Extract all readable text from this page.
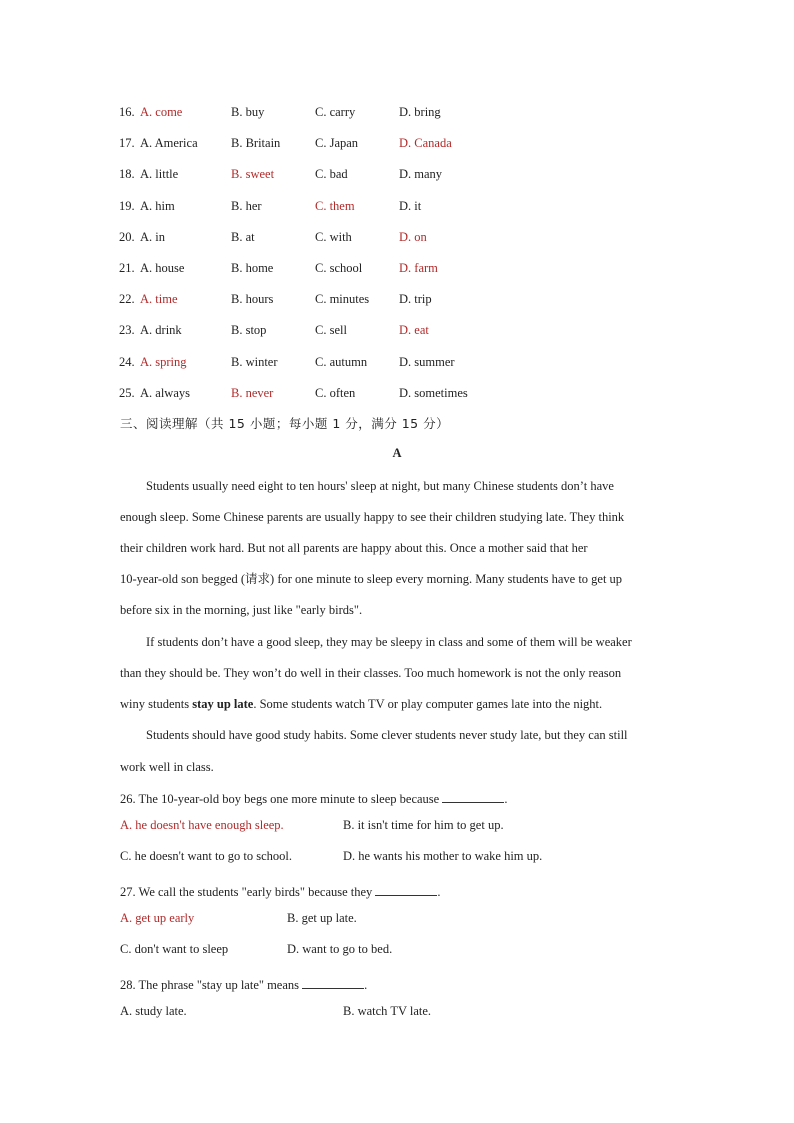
16. A. come	B. buy	C. carry	D. bring
17. A. America	B. Britain	C. Japan	D. Canada
18. A. little	B. sweet	C. bad	D. many
19. A. him	B. her	C. them	D. it
20. A. in	B. at	C. with	D. on
21. A. house	B. home	C. school	D. farm
22. A. time	B. hours	C. minutes D. trip
23. A. drink	B. stop	C. sell	D. eat
24. A. spring	B. winter	C. autumn	D. summer
25. A. always	B. never	C. often	D. sometimes
三、阅读理解（共 15 小题；每小题 1 分，满分 15 分）
A
Students usually need eight to ten hours' sleep at night, but many Chinese students don’t have
enough sleep. Some Chinese parents are usually happy to see their children studying late. They think
their children work hard. But not all parents are happy about this. Once a mother said that her
10-year-old son begged (请求) for one minute to sleep every morning. Many students have to get up
before six in the morning, just like "early birds".
If students don’t have a good sleep, they may be sleepy in class and some of them will be weaker
than they should be. They won’t do well in their classes. Too much homework is not the only reason
winy students stay up late. Some students watch TV or play computer games late into the night.
Students should have good study habits. Some clever students never study late, but they can still
work well in class.
26. The 10-year-old boy begs one more minute to sleep because	.
A. he doesn't have enough sleep.	B. it isn't time for him to get up.
C. he doesn't want to go to school.	D. he wants his mother to wake him up.
27. We call the students "early birds" because they	.
A. get up early	B. get up late.
C. don't want to sleep	D. want to go to bed.
28. The phrase "stay up late" means	.
A. study late.	B. watch TV late.
